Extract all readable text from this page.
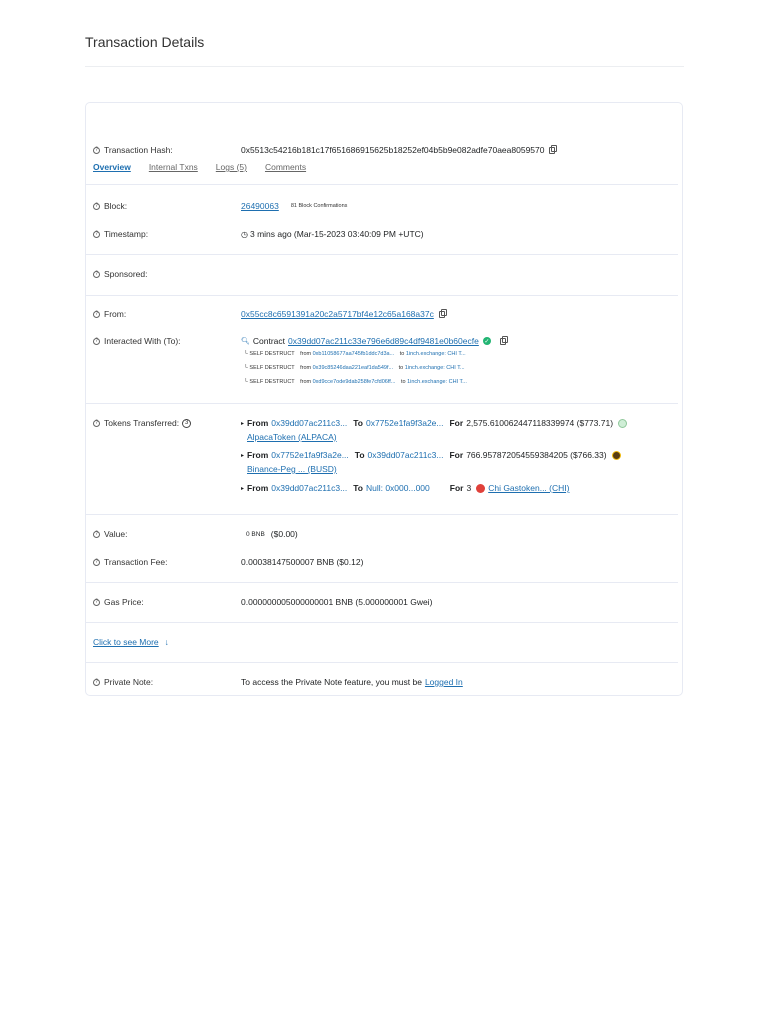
Transaction Details
? Transaction Hash:	0x5513c54216b181c17f651686915625b18252ef04b5b9e082adfe70aea8059570
Overview Internal Txns Logs (5) Comments
? Block:	26490063 81 Block Confirmations
? Timestamp:	◷ 3 mins ago (Mar-15-2023 03:40:09 PM +UTC)
? Sponsored:
? From:	0x55cc8c6591391a20c2a5717bf4e12c65a168a37c
? Interacted With (To):	🔍︎ Contract 0x39dd07ac211c33e796e6d89c4df9481e0b60ecfe ✓
└ SELF DESTRUCT from 0xb11058677aa745fb1ddc7d3a... to 1inch.exchange: CHI T...
└ SELF DESTRUCT from 0x39c85246daa221eaf1da549f... to 1inch.exchange: CHI T...
└ SELF DESTRUCT from 0xd9cce7ode9dab258fe7cfd06ff... to 1inch.exchange: CHI T...
? Tokens Transferred: 3	▸ From 0x39dd07ac211c3... To 0x7752e1fa9f3a2e... For 2,575.610062447118339974 ($773.71)
AlpacaToken (ALPACA)
▸ From 0x7752e1fa9f3a2e... To 0x39dd07ac211c3... For 766.957872054559384205 ($766.33)
Binance-Peg ... (BUSD)
▸ From 0x39dd07ac211c3... To Null: 0x000...000 For 3 Chi Gastoken... (CHI)
? Value:	0 BNB ($0.00)
? Transaction Fee:	0.00038147500007 BNB ($0.12)
? Gas Price:	0.000000005000000001 BNB (5.000000001 Gwei)
Click to see More ↓
? Private Note:	To access the Private Note feature, you must be Logged In
